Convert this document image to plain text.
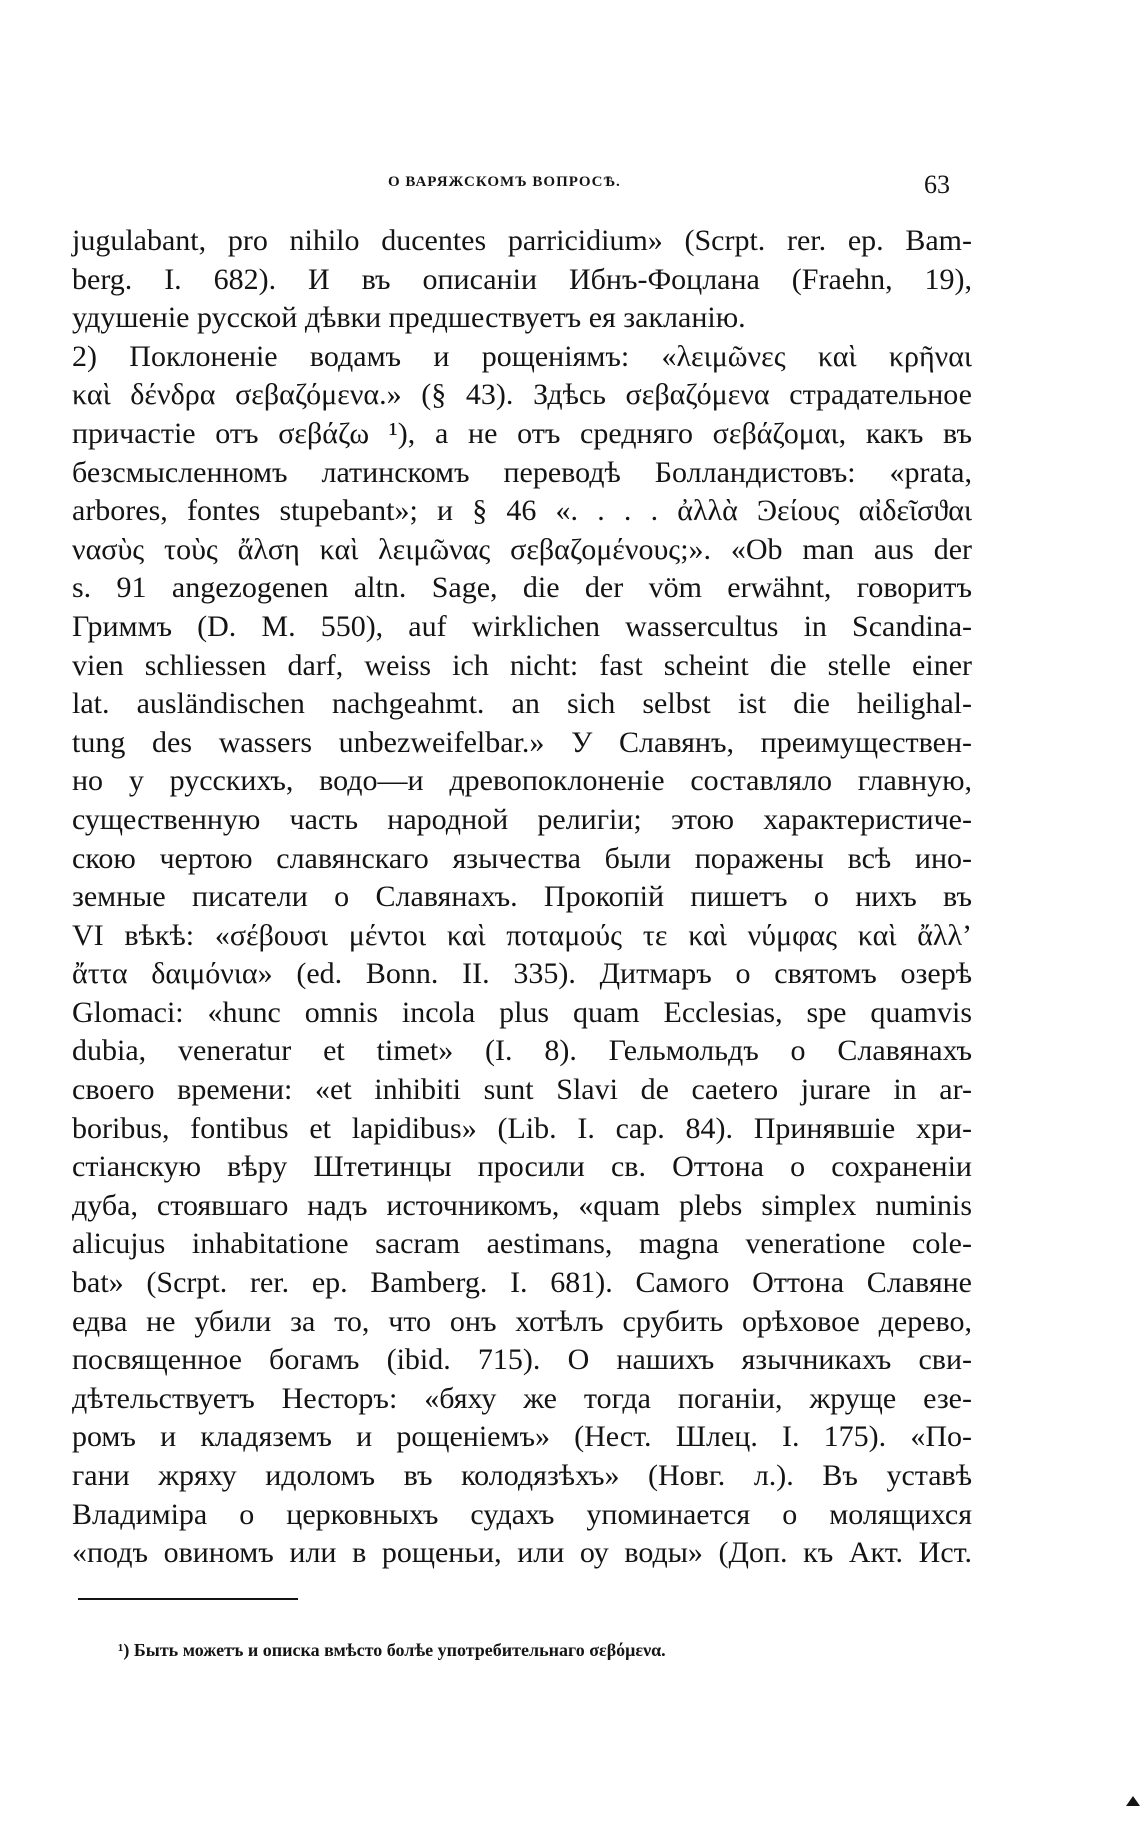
О ВАРЯЖСКОМЪ ВОПРОСѢ.	63
jugulabant, pro nihilo ducentes parricidium» (Scrpt. rer. ep. Bam-
berg. I. 682). И въ описаніи Ибнъ-Фоцлана (Fraehn, 19),
удушеніе русской дѣвки предшествуетъ ея закланію.
2) Поклоненіе водамъ и рощеніямъ: «λειμῶνες καὶ κρῆναι
καὶ δένδρα σεβαζόμενα.» (§ 43). Здѣсь σεβαζόμενα страдательное
причастіе отъ σεβάζω ¹), а не отъ средняго σεβάζομαι, какъ въ
безсмысленномъ латинскомъ переводѣ Болландистовъ: «prata,
arbores, fontes stupebant»; и § 46 «. . . . ἀλλὰ Ͽείους αἰδεῖσϑαι
νασὺς τοὺς ἄλση καὶ λειμῶνας σεβαζομένους;». «Ob man aus der
s. 91 angezogenen altn. Sage, die der vöm erwähnt, говоритъ
Гриммъ (D. M. 550), auf wirklichen wassercultus in Scandina-
vien schliessen darf, weiss ich nicht: fast scheint die stelle einer
lat. ausländischen nachgeahmt. an sich selbst ist die heilighal-
tung des wassers unbezweifelbar.» У Славянъ, преимуществен-
но у русскихъ, водо—и древопоклоненіе составляло главную,
существенную часть народной религіи; этою характеристиче-
скою чертою славянскаго язычества были поражены всѣ ино-
земные писатели о Славянахъ. Прокопій пишетъ о нихъ въ
VI вѣкѣ: «σέβουσι μέντοι καὶ ποταμούς τε καὶ νύμφας καὶ ἄλλ’
ἄττα δαιμόνια» (ed. Bonn. II. 335). Дитмаръ о святомъ озерѣ
Glomaci: «hunc omnis incola plus quam Ecclesias, spe quamvis
dubia, veneratur et timet» (I. 8). Гельмольдъ о Славянахъ
своего времени: «et inhibiti sunt Slavi de caetero jurare in ar-
boribus, fontibus et lapidibus» (Lib. I. cap. 84). Принявшіе хри-
стіанскую вѣру Штетинцы просили св. Оттона о сохраненіи
дуба, стоявшаго надъ источникомъ, «quam plebs simplex numinis
alicujus inhabitatione sacram aestimans, magna veneratione cole-
bat» (Scrpt. rer. ep. Bamberg. I. 681). Самого Оттона Славяне
едва не убили за то, что онъ хотѣлъ срубить орѣховое дерево,
посвященное богамъ (ibid. 715). О нашихъ язычникахъ сви-
дѣтельствуетъ Несторъ: «бяху же тогда поганіи, жруще езе-
ромъ и кладяземъ и рощеніемъ» (Нест. Шлец. I. 175). «По-
гани жряху идоломъ въ колодязѣхъ» (Новг. л.). Въ уставѣ
Владиміра о церковныхъ судахъ упоминается о молящихся
«подъ овиномъ или в рощеньи, или оу воды» (Доп. къ Акт. Ист.
¹) Быть можетъ и описка вмѣсто болѣе употребительнаго σεβόμενα.
